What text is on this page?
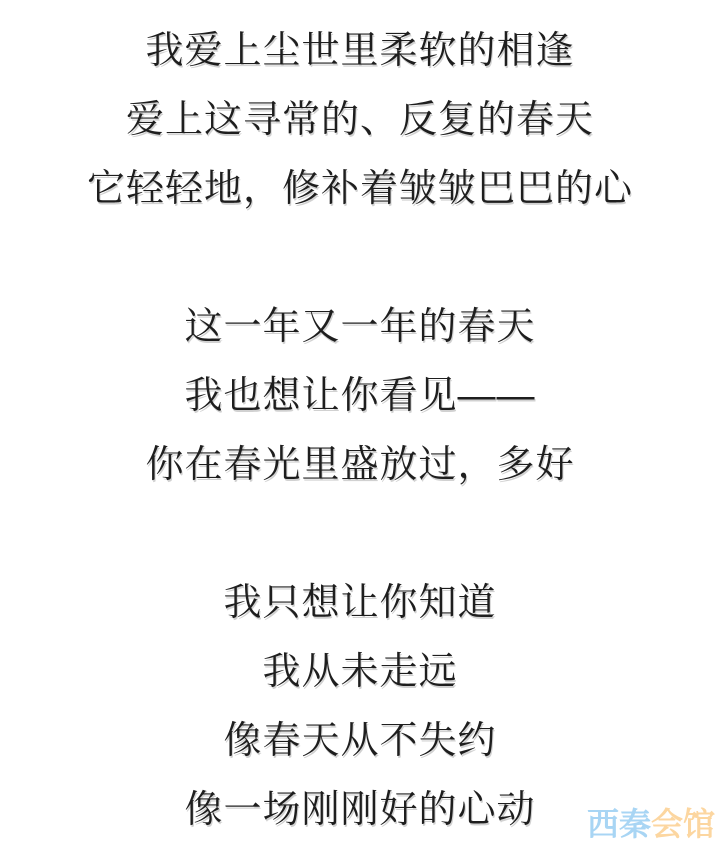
我爱上尘世里柔软的相逢
爱上这寻常的、反复的春天
它轻轻地，修补着皱皱巴巴的心
这一年又一年的春天
我也想让你看见——
你在春光里盛放过，多好
我只想让你知道
我从未走远
像春天从不失约
像一场刚刚好的心动	西秦会馆
